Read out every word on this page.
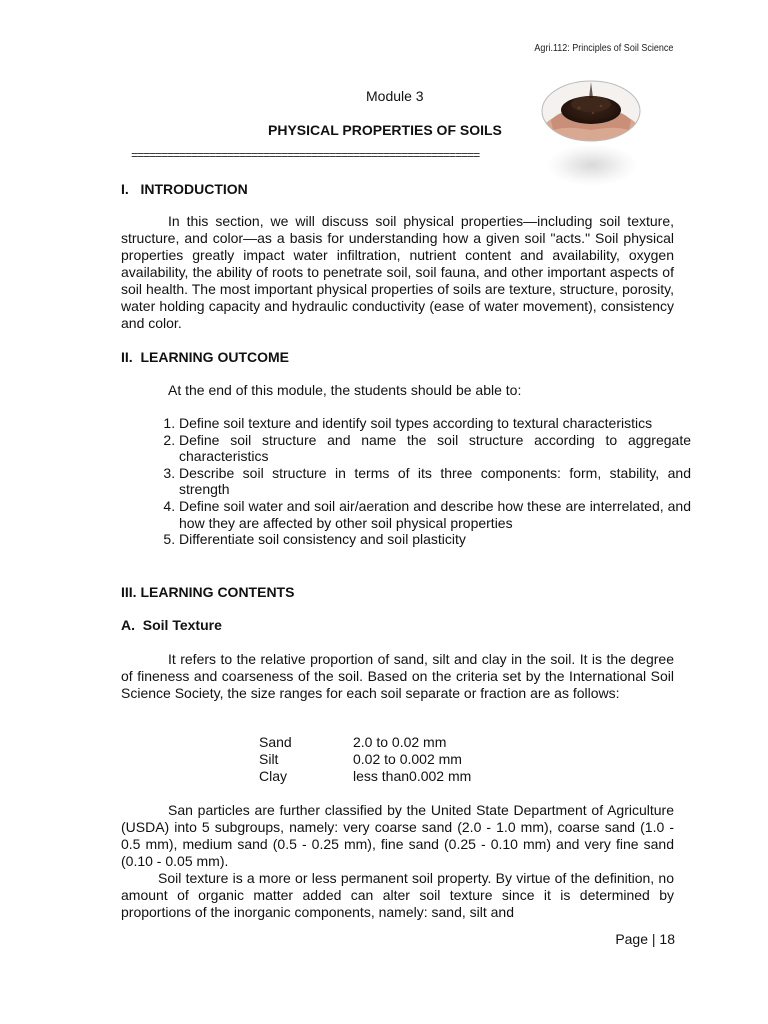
Agri.112: Principles of Soil Science
Module 3
PHYSICAL PROPERTIES OF SOILS
==========================================================
I.   INTRODUCTION
In this section, we will discuss soil physical properties—including soil texture, structure, and color—as a basis for understanding how a given soil "acts." Soil physical properties greatly impact water infiltration, nutrient content and availability, oxygen availability, the ability of roots to penetrate soil, soil fauna, and other important aspects of soil health. The most important physical properties of soils are texture, structure, porosity, water holding capacity and hydraulic conductivity (ease of water movement), consistency and color.
II.  LEARNING OUTCOME
At the end of this module, the students should be able to:
1. Define soil texture and identify soil types according to textural characteristics
2. Define soil structure and name the soil structure according to aggregate characteristics
3. Describe soil structure in terms of its three components: form, stability, and strength
4. Define soil water and soil air/aeration and describe how these are interrelated, and how they are affected by other soil physical properties
5. Differentiate soil consistency and soil plasticity
III. LEARNING CONTENTS
A.  Soil Texture
It refers to the relative proportion of sand, silt and clay in the soil. It is the degree of fineness and coarseness of the soil. Based on the criteria set by the International Soil Science Society, the size ranges for each soil separate or fraction are as follows:
Sand	2.0 to 0.02 mm
Silt	0.02 to 0.002 mm
Clay	less than0.002 mm
San particles are further classified by the United State Department of Agriculture (USDA) into 5 subgroups, namely: very coarse sand (2.0 - 1.0 mm), coarse sand (1.0 - 0.5 mm), medium sand (0.5 - 0.25 mm), fine sand (0.25 - 0.10 mm) and very fine sand (0.10 - 0.05 mm).
Soil texture is a more or less permanent soil property. By virtue of the definition, no amount of organic matter added can alter soil texture since it is determined by proportions of the inorganic components, namely: sand, silt and
Page | 18
